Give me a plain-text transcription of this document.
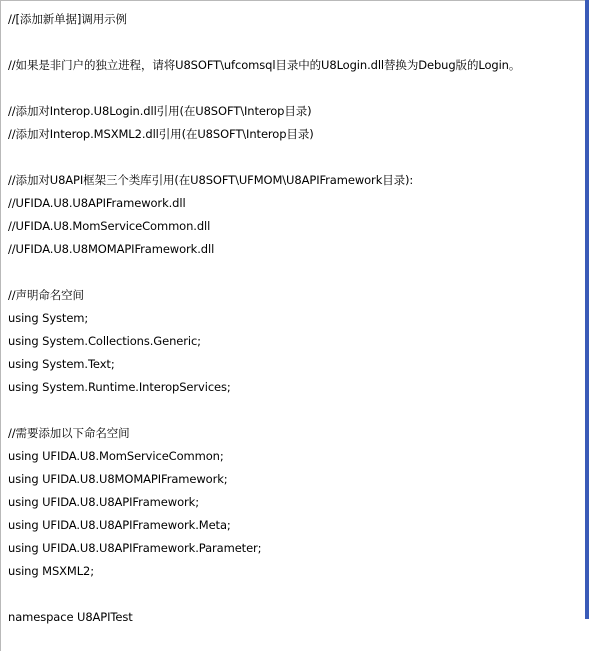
//[添加新单据]调用示例
//如果是非门户的独立进程，请将U8SOFT\ufcomsql目录中的U8Login.dll替换为Debug版的Login。
//添加对Interop.U8Login.dll引用(在U8SOFT\Interop目录)
//添加对Interop.MSXML2.dll引用(在U8SOFT\Interop目录)
//添加对U8API框架三个类库引用(在U8SOFT\UFMOM\U8APIFramework目录):
//UFIDA.U8.U8APIFramework.dll
//UFIDA.U8.MomServiceCommon.dll
//UFIDA.U8.U8MOMAPIFramework.dll
//声明命名空间
using System;
using System.Collections.Generic;
using System.Text;
using System.Runtime.InteropServices;
//需要添加以下命名空间
using UFIDA.U8.MomServiceCommon;
using UFIDA.U8.U8MOMAPIFramework;
using UFIDA.U8.U8APIFramework;
using UFIDA.U8.U8APIFramework.Meta;
using UFIDA.U8.U8APIFramework.Parameter;
using MSXML2;
namespace U8APITest
